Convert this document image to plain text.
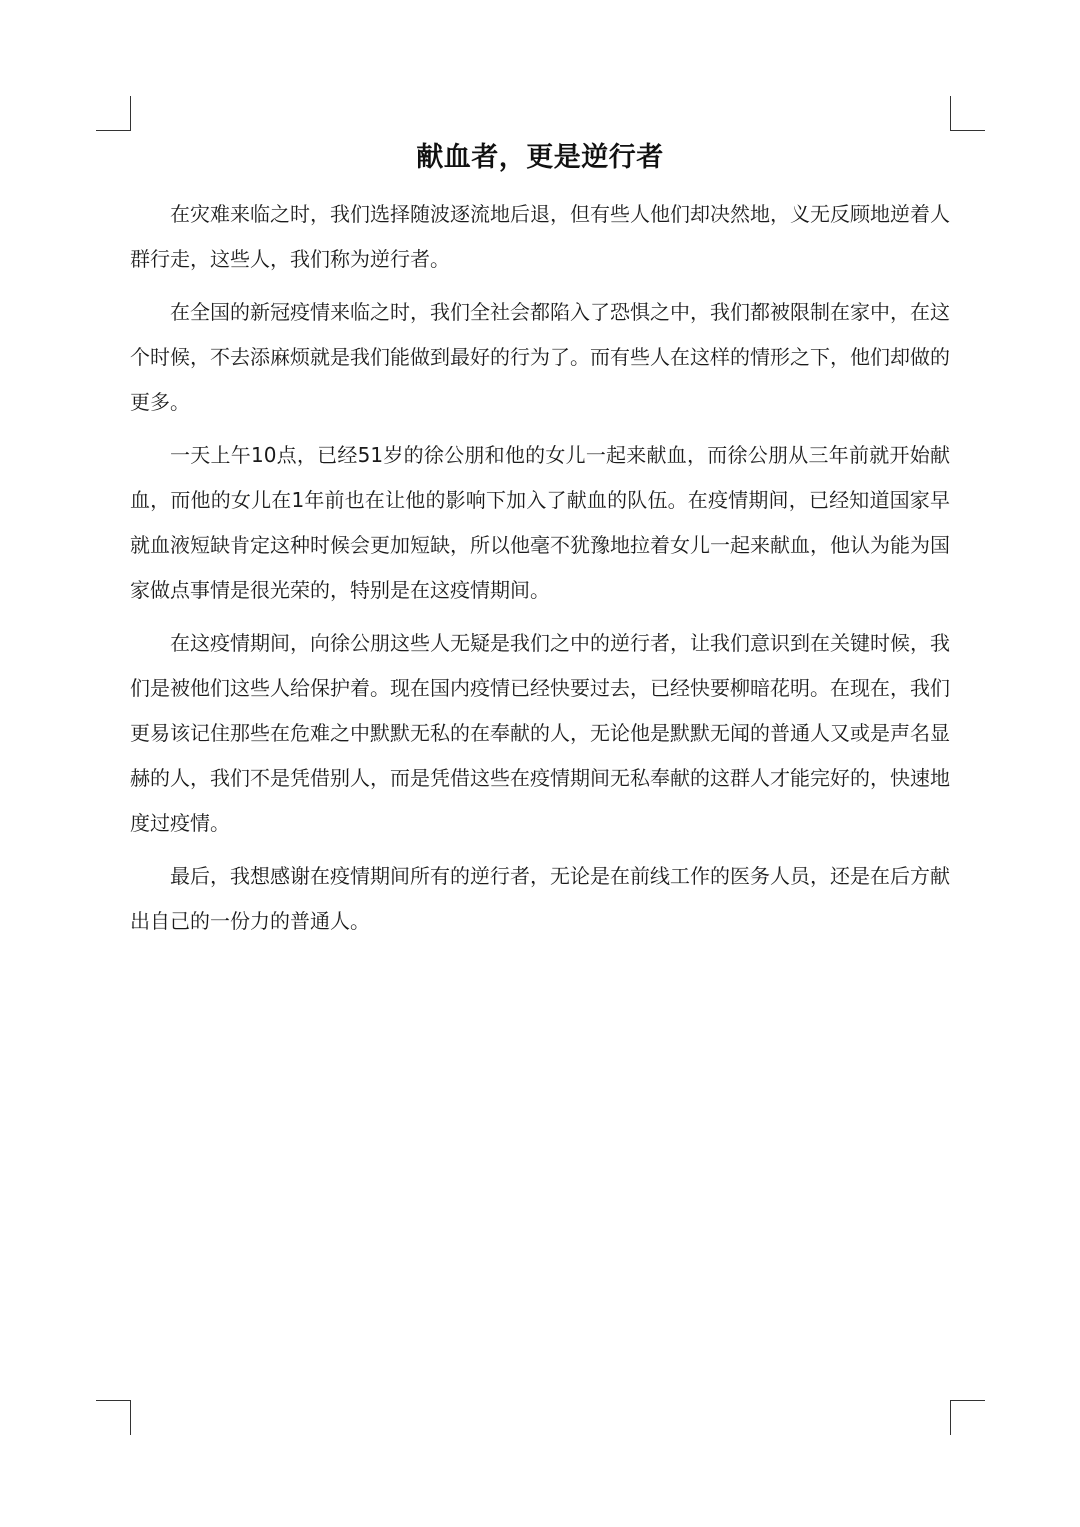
献血者，更是逆行者

在灾难来临之时，我们选择随波逐流地后退，但有些人他们却决然地，义无反顾地逆着人群行走，这些人，我们称为逆行者。

在全国的新冠疫情来临之时，我们全社会都陷入了恐惧之中，我们都被限制在家中，在这个时候，不去添麻烦就是我们能做到最好的行为了。而有些人在这样的情形之下，他们却做的更多。

一天上午10点，已经51岁的徐公朋和他的女儿一起来献血，而徐公朋从三年前就开始献血，而他的女儿在1年前也在让他的影响下加入了献血的队伍。在疫情期间，已经知道国家早就血液短缺肯定这种时候会更加短缺，所以他毫不犹豫地拉着女儿一起来献血，他认为能为国家做点事情是很光荣的，特别是在这疫情期间。

在这疫情期间，向徐公朋这些人无疑是我们之中的逆行者，让我们意识到在关键时候，我们是被他们这些人给保护着。现在国内疫情已经快要过去，已经快要柳暗花明。在现在，我们更易该记住那些在危难之中默默无私的在奉献的人，无论他是默默无闻的普通人又或是声名显赫的人，我们不是凭借别人，而是凭借这些在疫情期间无私奉献的这群人才能完好的，快速地度过疫情。

最后，我想感谢在疫情期间所有的逆行者，无论是在前线工作的医务人员，还是在后方献出自己的一份力的普通人。
